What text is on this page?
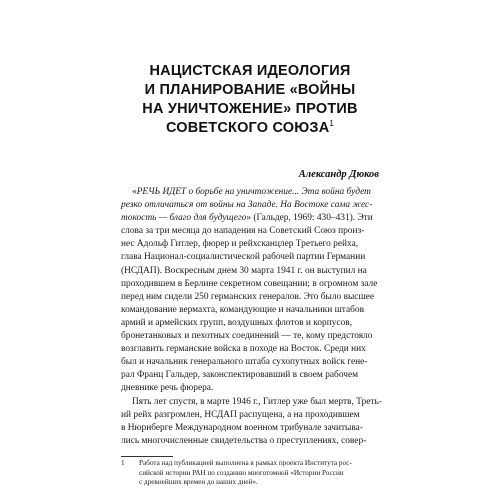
НАЦИСТСКАЯ ИДЕОЛОГИЯ
И ПЛАНИРОВАНИЕ «ВОЙНЫ
НА УНИЧТОЖЕНИЕ» ПРОТИВ
СОВЕТСКОГО СОЮЗА$^1$
Александр Дюков
«РЕЧЬ ИДЕТ о борьбе на уничтожение... Эта война будет
резко отличаться от войны на Западе. На Востоке сама жес-
токость — благо для будущего» (Гальдер, 1969: 430–431). Эти
слова за три месяца до нападения на Советский Союз произ-
нес Адольф Гитлер, фюрер и рейхсканцлер Третьего рейха,
глава Национал-социалистической рабочей партии Германии
(НСДАП). Воскресным днем 30 марта 1941 г. он выступил на
проходившем в Берлине секретном совещании; в огромном зале
перед ним сидели 250 германских генералов. Это было высшее
командование вермахта, командующие и начальники штабов
армий и армейских групп, воздушных флотов и корпусов,
бронетанковых и пехотных соединений — те, кому предстояло
возглавить германские войска в походе на Восток. Среди них
был и начальник генерального штаба сухопутных войск гене-
рал Франц Гальдер, законспектировавший в своем рабочем
дневнике речь фюрера.
Пять лет спустя, в марте 1946 г., Гитлер уже был мертв, Треть-
ий рейх разгромлен, НСДАП распущена, а на проходившем
в Нюрнберге Международном военном трибунале зачитыва-
лись многочисленные свидетельства о преступлениях, совер-
1	Работа над публикацией выполнена в рамках проекта Института рос-
сийской истории РАН по созданию многотомной «Истории России
с древнейших времен до наших дней».
